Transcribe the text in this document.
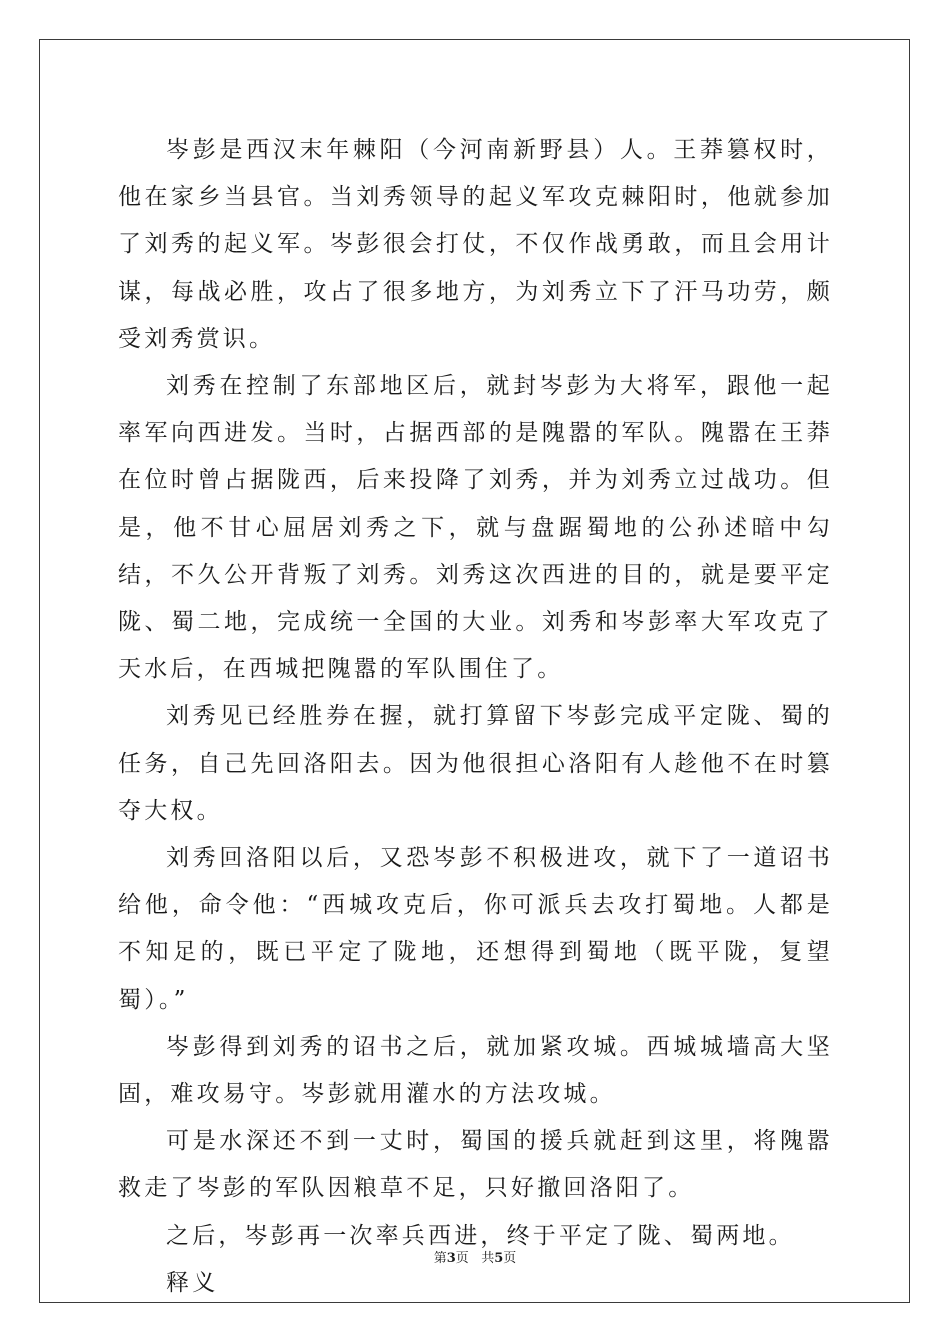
岑彭是西汉末年棘阳（今河南新野县）人。王莽篡权时，他在家乡当县官。当刘秀领导的起义军攻克棘阳时，他就参加了刘秀的起义军。岑彭很会打仗，不仅作战勇敢，而且会用计谋，每战必胜，攻占了很多地方，为刘秀立下了汗马功劳，颇受刘秀赏识。

刘秀在控制了东部地区后，就封岑彭为大将军，跟他一起率军向西进发。当时，占据西部的是隗嚣的军队。隗嚣在王莽在位时曾占据陇西，后来投降了刘秀，并为刘秀立过战功。但是，他不甘心屈居刘秀之下，就与盘踞蜀地的公孙述暗中勾结，不久公开背叛了刘秀。刘秀这次西进的目的，就是要平定陇、蜀二地，完成统一全国的大业。刘秀和岑彭率大军攻克了天水后，在西城把隗嚣的军队围住了。

刘秀见已经胜券在握，就打算留下岑彭完成平定陇、蜀的任务，自己先回洛阳去。因为他很担心洛阳有人趁他不在时篡夺大权。

刘秀回洛阳以后，又恐岑彭不积极进攻，就下了一道诏书给他，命令他：“西城攻克后，你可派兵去攻打蜀地。人都是不知足的，既已平定了陇地，还想得到蜀地（既平陇，复望蜀）。”

岑彭得到刘秀的诏书之后，就加紧攻城。西城城墙高大坚固，难攻易守。岑彭就用灌水的方法攻城。

可是水深还不到一丈时，蜀国的援兵就赶到这里，将隗嚣救走了岑彭的军队因粮草不足，只好撤回洛阳了。

之后，岑彭再一次率兵西进，终于平定了陇、蜀两地。

释义

第3页 共5页
